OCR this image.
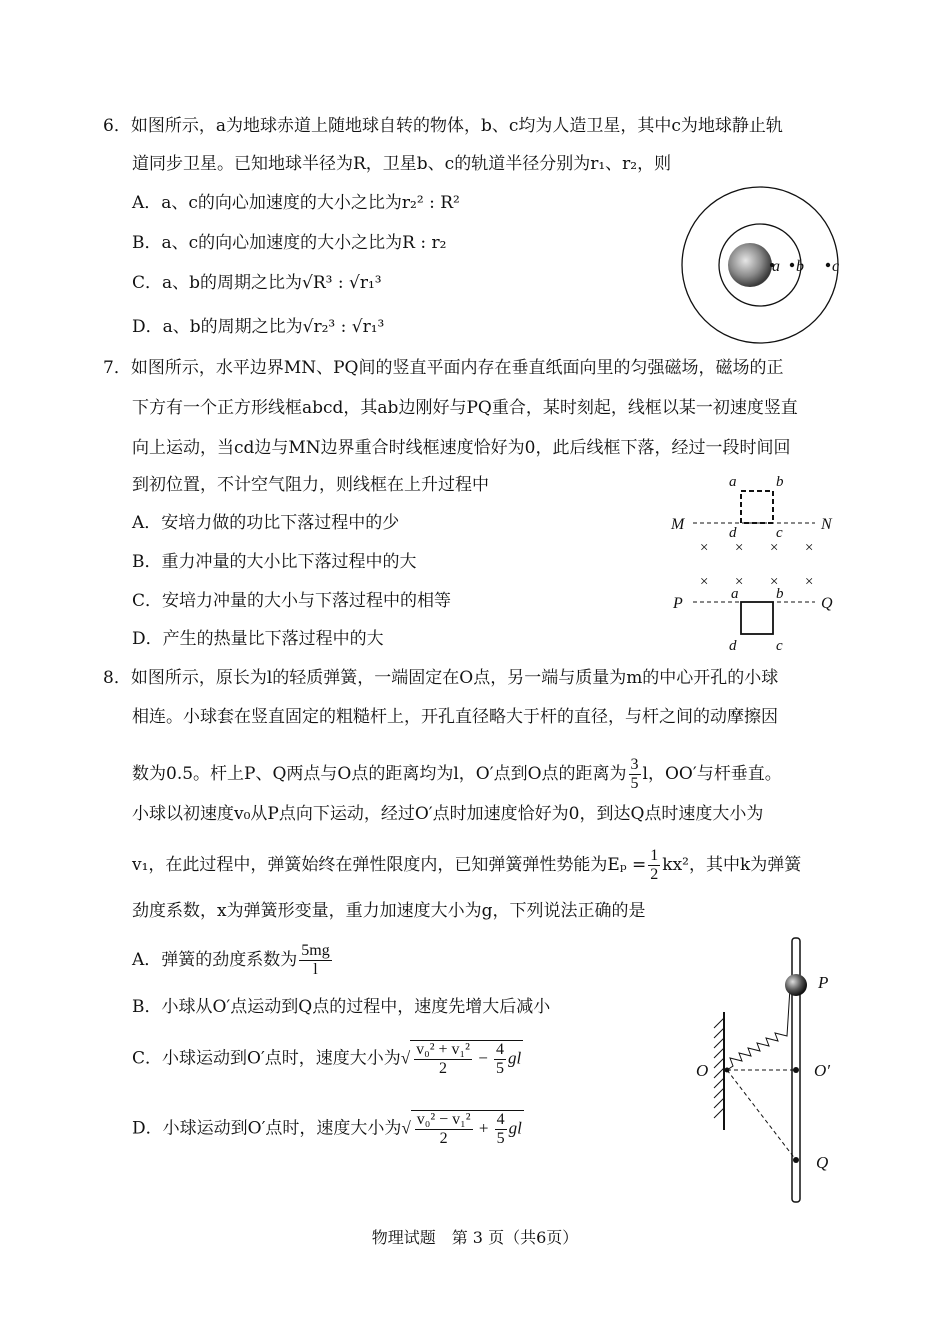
6．如图所示，a为地球赤道上随地球自转的物体，b、c均为人造卫星，其中c为地球静止轨
道同步卫星。已知地球半径为R，卫星b、c的轨道半径分别为r₁、r₂，则
A．a、c的向心加速度的大小之比为r₂² : R²
B．a、c的向心加速度的大小之比为R : r₂
C．a、b的周期之比为√R³ : √r₁³
D．a、b的周期之比为√r₂³ : √r₁³
a b c
7．如图所示，水平边界MN、PQ间的竖直平面内存在垂直纸面向里的匀强磁场，磁场的正
下方有一个正方形线框abcd，其ab边刚好与PQ重合，某时刻起，线框以某一初速度竖直
向上运动，当cd边与MN边界重合时线框速度恰好为0，此后线框下落，经过一段时间回
到初位置，不计空气阻力，则线框在上升过程中
A．安培力做的功比下落过程中的少
B．重力冲量的大小比下落过程中的大
C．安培力冲量的大小与下落过程中的相等
D．产生的热量比下落过程中的大
M	N
a	b
c
d
× × × ×
× × × ×
P	Q
a	b
c
d
8．如图所示，原长为l的轻质弹簧，一端固定在O点，另一端与质量为m的中心开孔的小球
相连。小球套在竖直固定的粗糙杆上，开孔直径略大于杆的直径，与杆之间的动摩擦因
数为0.5。杆上P、Q两点与O点的距离均为l，O′点到O点的距离为 $\frac{3}{5}$ l，OO′与杆垂直。
小球以初速度v₀从P点向下运动，经过O′点时加速度恰好为0，到达Q点时速度大小为
v₁，在此过程中，弹簧始终在弹性限度内，已知弹簧弹性势能为$E_p = \frac{1}{2} kx^2$，其中k为弹簧
劲度系数，x为弹簧形变量，重力加速度大小为g，下列说法正确的是
A．弹簧的劲度系数为 $\frac{5mg}{l}$
B．小球从O′点运动到Q点的过程中，速度先增大后减小
C．小球运动到O′点时，速度大小为√ $\frac{\text{v₀² + v₁²}}{2} - \frac{4}{5}$ gl
D．小球运动到O′点时，速度大小为√ $\frac{\text{v₀² − v₁²}}{2} + \frac{4}{5}$ gl
P
O	O′
Q
物理试题　第 3 页（共6页）
